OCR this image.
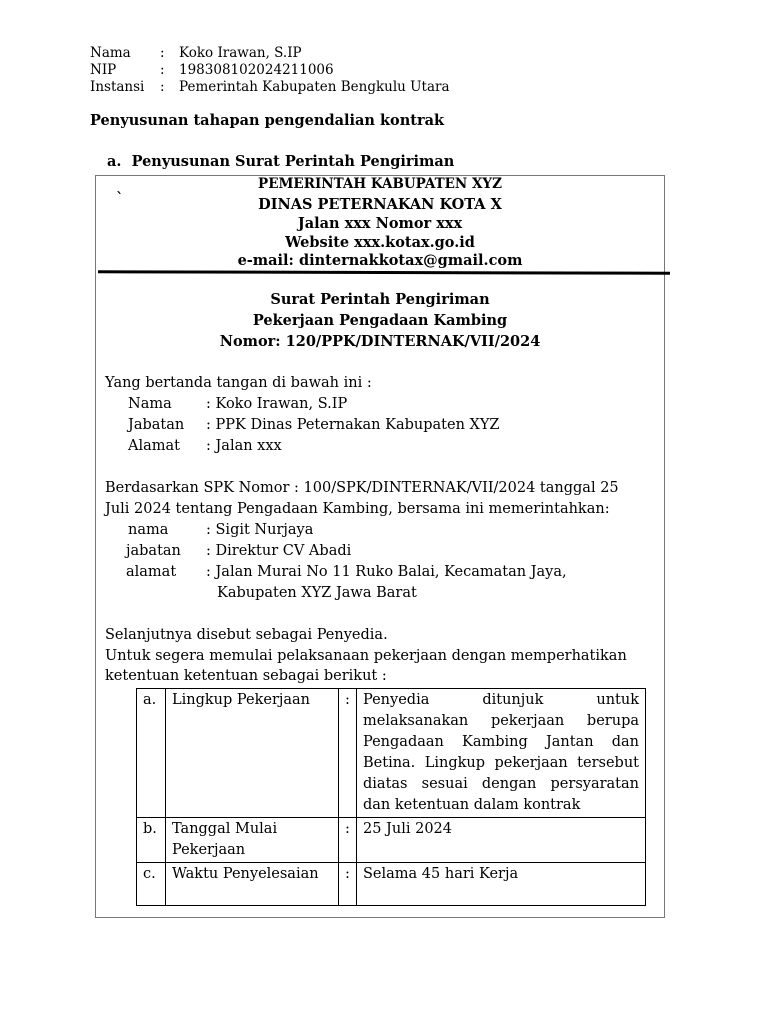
Nama : Koko Irawan, S.IP
NIP	: 198308102024211006
Instansi : Pemerintah Kabupaten Bengkulu Utara
Penyusunan tahapan pengendalian kontrak
a. Penyusunan Surat Perintah Pengiriman
PEMERINTAH KABUPATEN XYZ
`	DINAS PETERNAKAN KOTA X
Jalan xxx Nomor xxx
Website xxx.kotax.go.id
e-mail: dinternakkotax@gmail.com
Surat Perintah Pengiriman
Pekerjaan Pengadaan Kambing
Nomor: 120/PPK/DINTERNAK/VII/2024
Yang bertanda tangan di bawah ini :
Nama : Koko Irawan, S.IP
Jabatan : PPK Dinas Peternakan Kabupaten XYZ
Alamat : Jalan xxx
Berdasarkan SPK Nomor : 100/SPK/DINTERNAK/VII/2024 tanggal 25
Juli 2024 tentang Pengadaan Kambing, bersama ini memerintahkan:
nama	: Sigit Nurjaya
jabatan : Direktur CV Abadi
alamat : Jalan Murai No 11 Ruko Balai, Kecamatan Jaya,
Kabupaten XYZ Jawa Barat
Selanjutnya disebut sebagai Penyedia.
Untuk segera memulai pelaksanaan pekerjaan dengan memperhatikan
ketentuan ketentuan sebagai berikut :
a.	Lingkup Pekerjaan	:	Penyedia ditunjuk untuk melaksanakan pekerjaan berupa Pengadaan Kambing Jantan dan Betina. Lingkup pekerjaan tersebut diatas sesuai dengan persyaratan dan ketentuan dalam kontrak
b.	Tanggal Mulai Pekerjaan	:	25 Juli 2024
c.	Waktu Penyelesaian	:	Selama 45 hari Kerja
